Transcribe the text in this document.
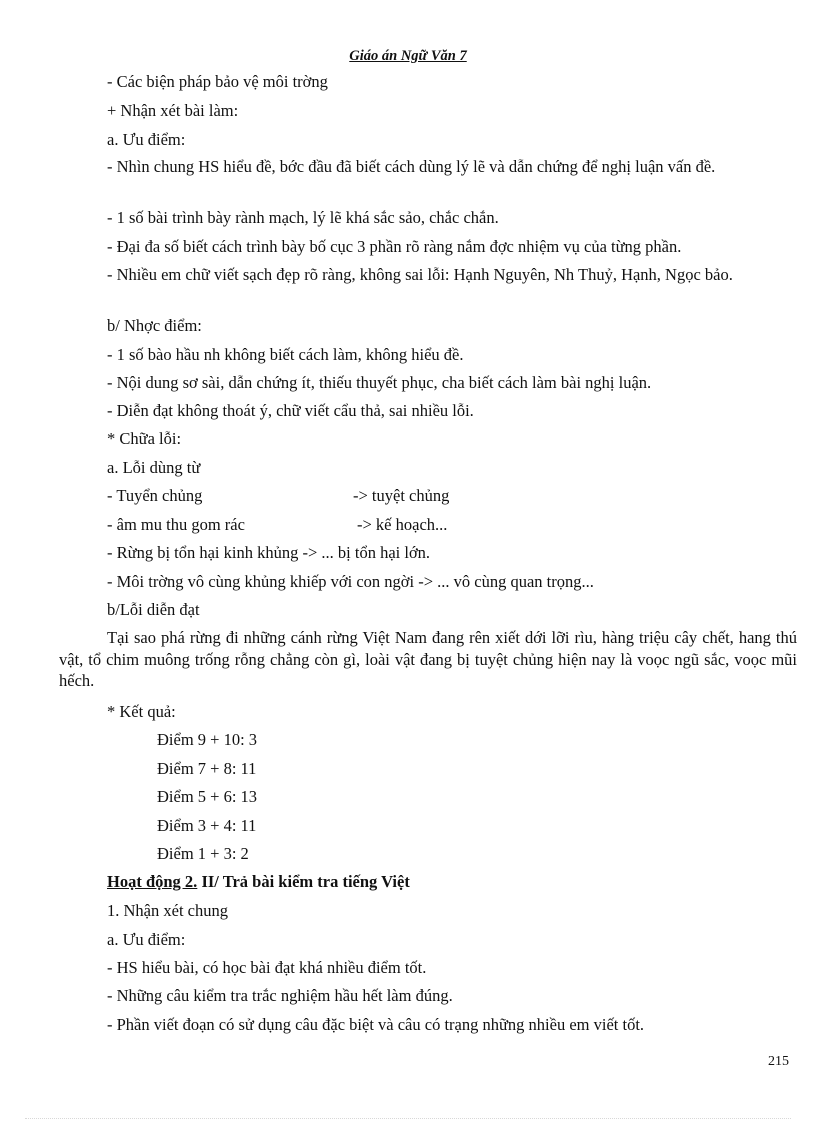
Giáo án Ngữ Văn 7
- Các biện pháp bảo vệ môi trờng
+ Nhận xét bài làm:
a. Ưu điểm:
- Nhìn chung HS hiểu đề, bớc đầu đã biết cách dùng lý lẽ và dẫn chứng để nghị luận vấn đề.
- 1 số bài trình bày rành mạch, lý lẽ khá sắc sảo, chắc chắn.
- Đại đa số biết cách trình bày bố cục 3 phần rõ ràng nắm đợc nhiệm vụ của từng phần.
- Nhiều em chữ viết sạch đẹp rõ ràng, không sai lỗi: Hạnh Nguyên, Nh Thuỷ, Hạnh, Ngọc bảo.
b/ Nhợc điểm:
- 1 số bào hầu nh không biết cách làm, không hiểu đề.
- Nội dung sơ sài, dẫn chứng ít, thiếu thuyết phục, cha biết cách làm bài nghị luận.
- Diễn đạt không thoát ý, chữ viết cẩu thả, sai nhiều lỗi.
* Chữa lỗi:
a. Lỗi dùng từ
- Tuyển chủng	-> tuyệt chủng
- âm mu thu gom rác	-> kế hoạch...
- Rừng bị tổn hại kinh khủng -> ... bị tổn hại lớn.
- Môi trờng vô cùng khủng khiếp với con ngời -> ... vô cùng quan trọng...
b/Lỗi diễn đạt
Tại sao phá rừng đi những cánh rừng Việt Nam đang rên xiết dới lỡi rìu, hàng triệu cây chết, hang thú vật, tổ chim muông trống rỗng chẳng còn gì, loài vật đang bị tuyệt chủng hiện nay là voọc ngũ sắc, voọc mũi hếch.
* Kết quả:
Điểm 9 + 10: 3
Điểm 7 + 8: 11
Điểm 5 + 6: 13
Điểm 3 + 4: 11
Điểm 1 + 3: 2
Hoạt động 2. II/ Trả bài kiểm tra tiếng Việt
1. Nhận xét chung
a. Ưu điểm:
- HS hiểu bài, có học bài đạt khá nhiều điểm tốt.
- Những câu kiểm tra trắc nghiệm hầu hết làm đúng.
- Phần viết đoạn có sử dụng câu đặc biệt và câu có trạng những nhiều em viết tốt.
215
